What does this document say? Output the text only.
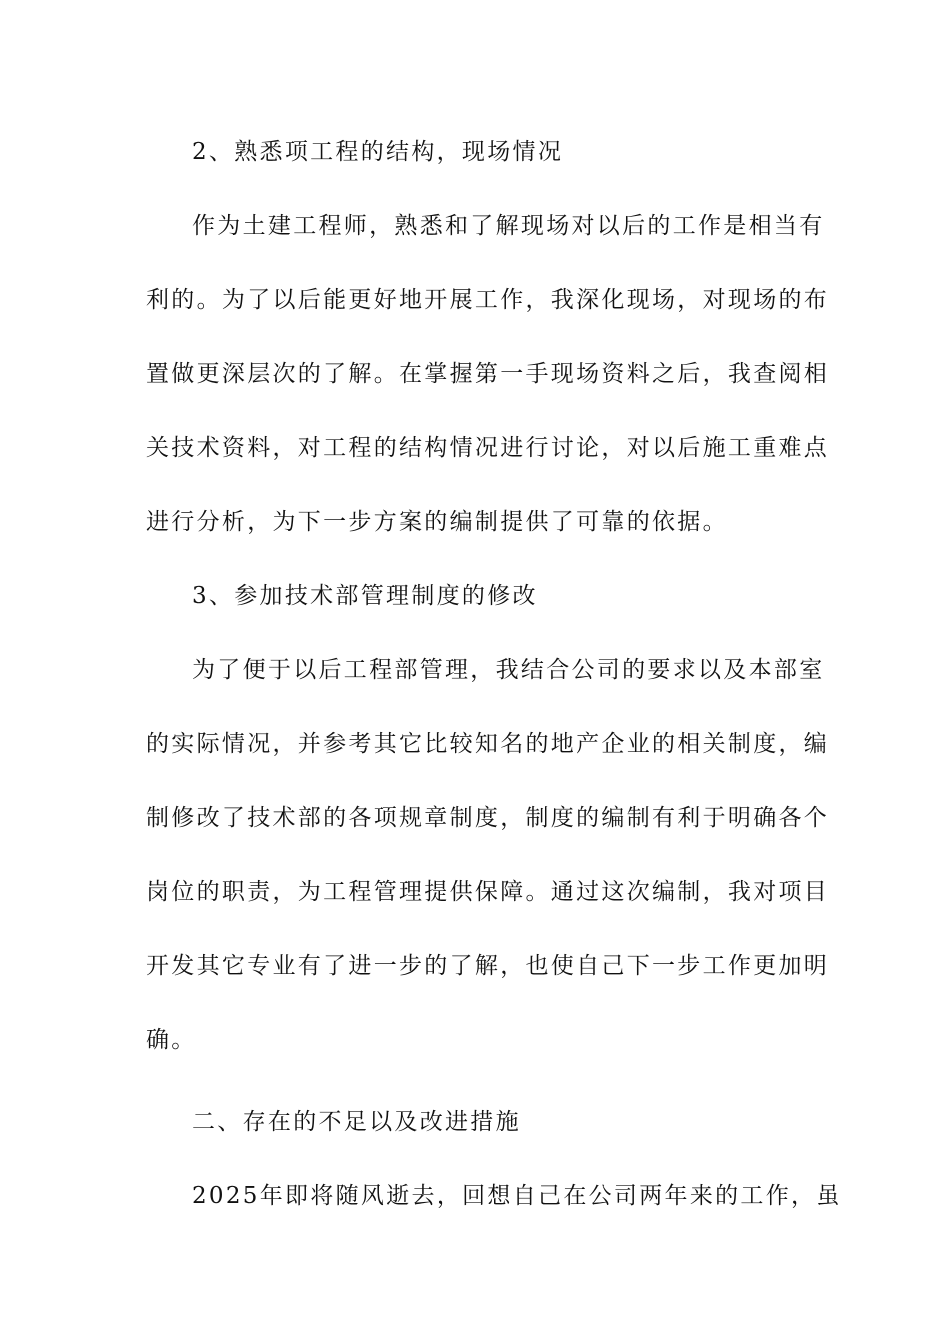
2、熟悉项工程的结构，现场情况
作为土建工程师，熟悉和了解现场对以后的工作是相当有
利的。为了以后能更好地开展工作，我深化现场，对现场的布
置做更深层次的了解。在掌握第一手现场资料之后，我查阅相
关技术资料，对工程的结构情况进行讨论，对以后施工重难点
进行分析，为下一步方案的编制提供了可靠的依据。
3、参加技术部管理制度的修改
为了便于以后工程部管理，我结合公司的要求以及本部室
的实际情况，并参考其它比较知名的地产企业的相关制度，编
制修改了技术部的各项规章制度，制度的编制有利于明确各个
岗位的职责，为工程管理提供保障。通过这次编制，我对项目
开发其它专业有了进一步的了解，也使自己下一步工作更加明
确。
二、存在的不足以及改进措施
2025年即将随风逝去，回想自己在公司两年来的工作，虽
